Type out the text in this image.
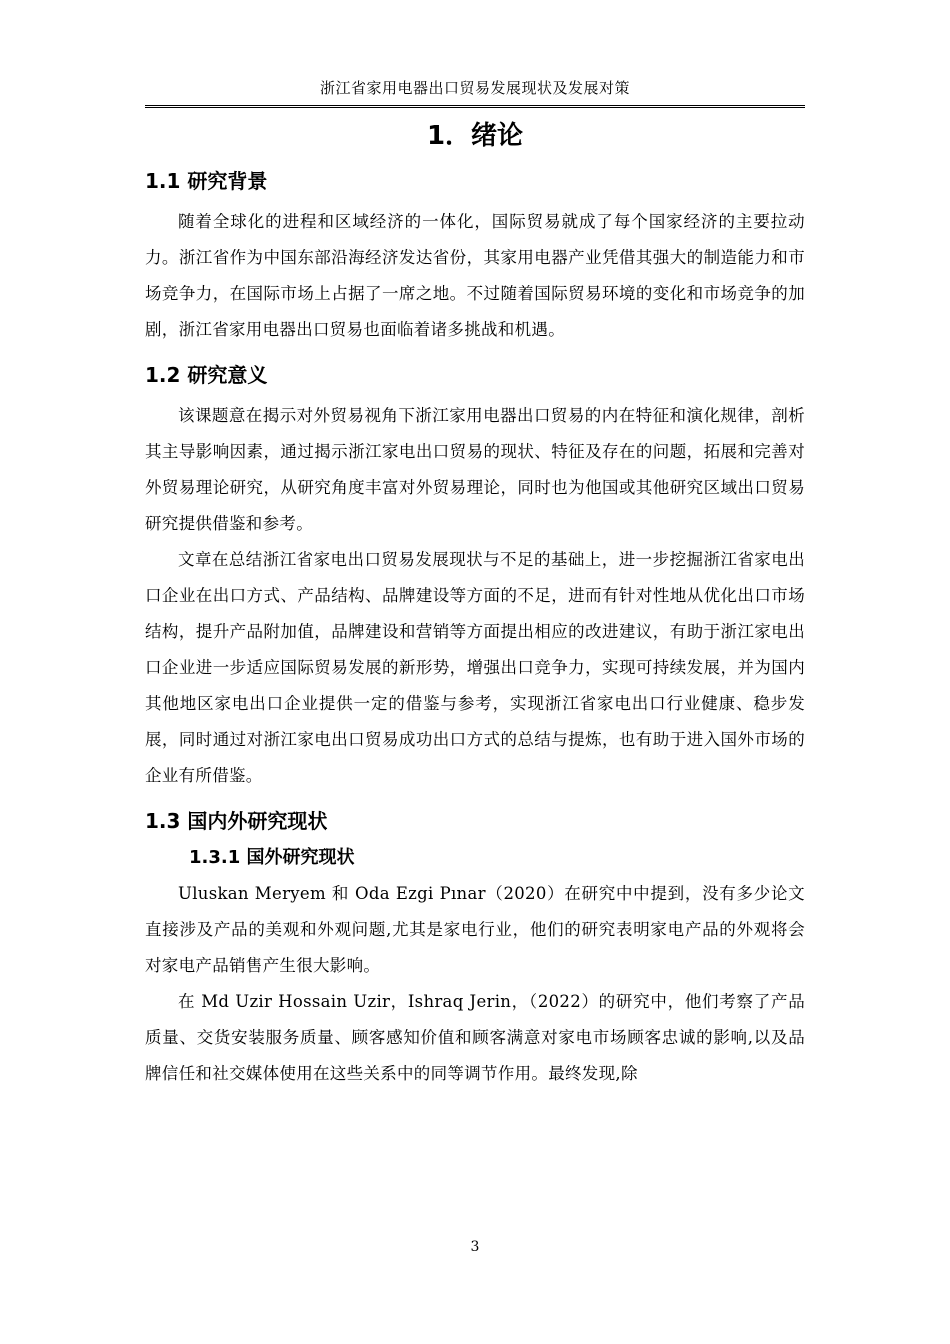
浙江省家用电器出口贸易发展现状及发展对策
1．绪论
1.1 研究背景

随着全球化的进程和区域经济的一体化，国际贸易就成了每个国家经济的主要拉动力。浙江省作为中国东部沿海经济发达省份，其家用电器产业凭借其强大的制造能力和市场竞争力，在国际市场上占据了一席之地。不过随着国际贸易环境的变化和市场竞争的加剧，浙江省家用电器出口贸易也面临着诸多挑战和机遇。

1.2 研究意义

该课题意在揭示对外贸易视角下浙江家用电器出口贸易的内在特征和演化规律，剖析其主导影响因素，通过揭示浙江家电出口贸易的现状、特征及存在的问题，拓展和完善对外贸易理论研究，从研究角度丰富对外贸易理论，同时也为他国或其他研究区域出口贸易研究提供借鉴和参考。

文章在总结浙江省家电出口贸易发展现状与不足的基础上，进一步挖掘浙江省家电出口企业在出口方式、产品结构、品牌建设等方面的不足，进而有针对性地从优化出口市场结构，提升产品附加值，品牌建设和营销等方面提出相应的改进建议，有助于浙江家电出口企业进一步适应国际贸易发展的新形势，增强出口竞争力，实现可持续发展，并为国内其他地区家电出口企业提供一定的借鉴与参考，实现浙江省家电出口行业健康、稳步发展，同时通过对浙江家电出口贸易成功出口方式的总结与提炼，也有助于进入国外市场的企业有所借鉴。

1.3 国内外研究现状
1.3.1 国外研究现状

Uluskan Meryem 和 Oda Ezgi Pınar（2020）在研究中中提到，没有多少论文直接涉及产品的美观和外观问题,尤其是家电行业，他们的研究表明家电产品的外观将会对家电产品销售产生很大影响。

在 Md Uzir Hossain Uzir，Ishraq Jerin，（2022）的研究中，他们考察了产品质量、交货安装服务质量、顾客感知价值和顾客满意对家电市场顾客忠诚的影响,以及品牌信任和社交媒体使用在这些关系中的同等调节作用。最终发现,除

3
